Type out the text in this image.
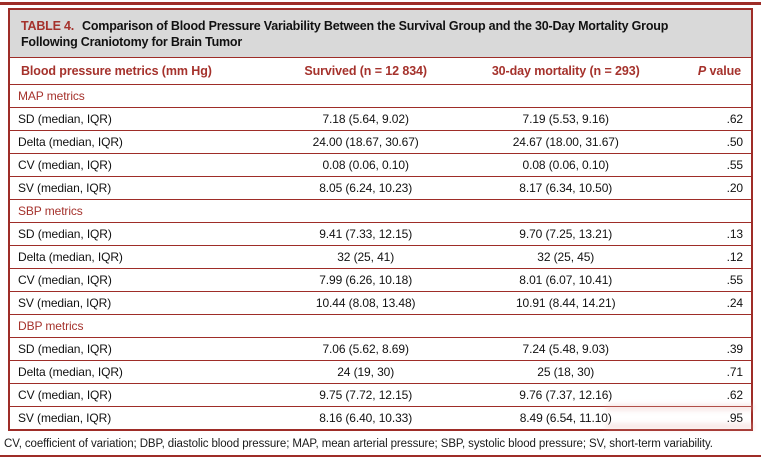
TABLE 4. Comparison of Blood Pressure Variability Between the Survival Group and the 30-Day Mortality Group Following Craniotomy for Brain Tumor
Blood pressure metrics (mm Hg)	Survived (n = 12 834)	30-day mortality (n = 293)	P value
MAP metrics			
SD (median, IQR)	7.18 (5.64, 9.02)	7.19 (5.53, 9.16)	.62
Delta (median, IQR)	24.00 (18.67, 30.67)	24.67 (18.00, 31.67)	.50
CV (median, IQR)	0.08 (0.06, 0.10)	0.08 (0.06, 0.10)	.55
SV (median, IQR)	8.05 (6.24, 10.23)	8.17 (6.34, 10.50)	.20
SBP metrics			
SD (median, IQR)	9.41 (7.33, 12.15)	9.70 (7.25, 13.21)	.13
Delta (median, IQR)	32 (25, 41)	32 (25, 45)	.12
CV (median, IQR)	7.99 (6.26, 10.18)	8.01 (6.07, 10.41)	.55
SV (median, IQR)	10.44 (8.08, 13.48)	10.91 (8.44, 14.21)	.24
DBP metrics			
SD (median, IQR)	7.06 (5.62, 8.69)	7.24 (5.48, 9.03)	.39
Delta (median, IQR)	24 (19, 30)	25 (18, 30)	.71
CV (median, IQR)	9.75 (7.72, 12.15)	9.76 (7.37, 12.16)	.62
SV (median, IQR)	8.16 (6.40, 10.33)	8.49 (6.54, 11.10)	.95
CV, coefficient of variation; DBP, diastolic blood pressure; MAP, mean arterial pressure; SBP, systolic blood pressure; SV, short-term variability.
